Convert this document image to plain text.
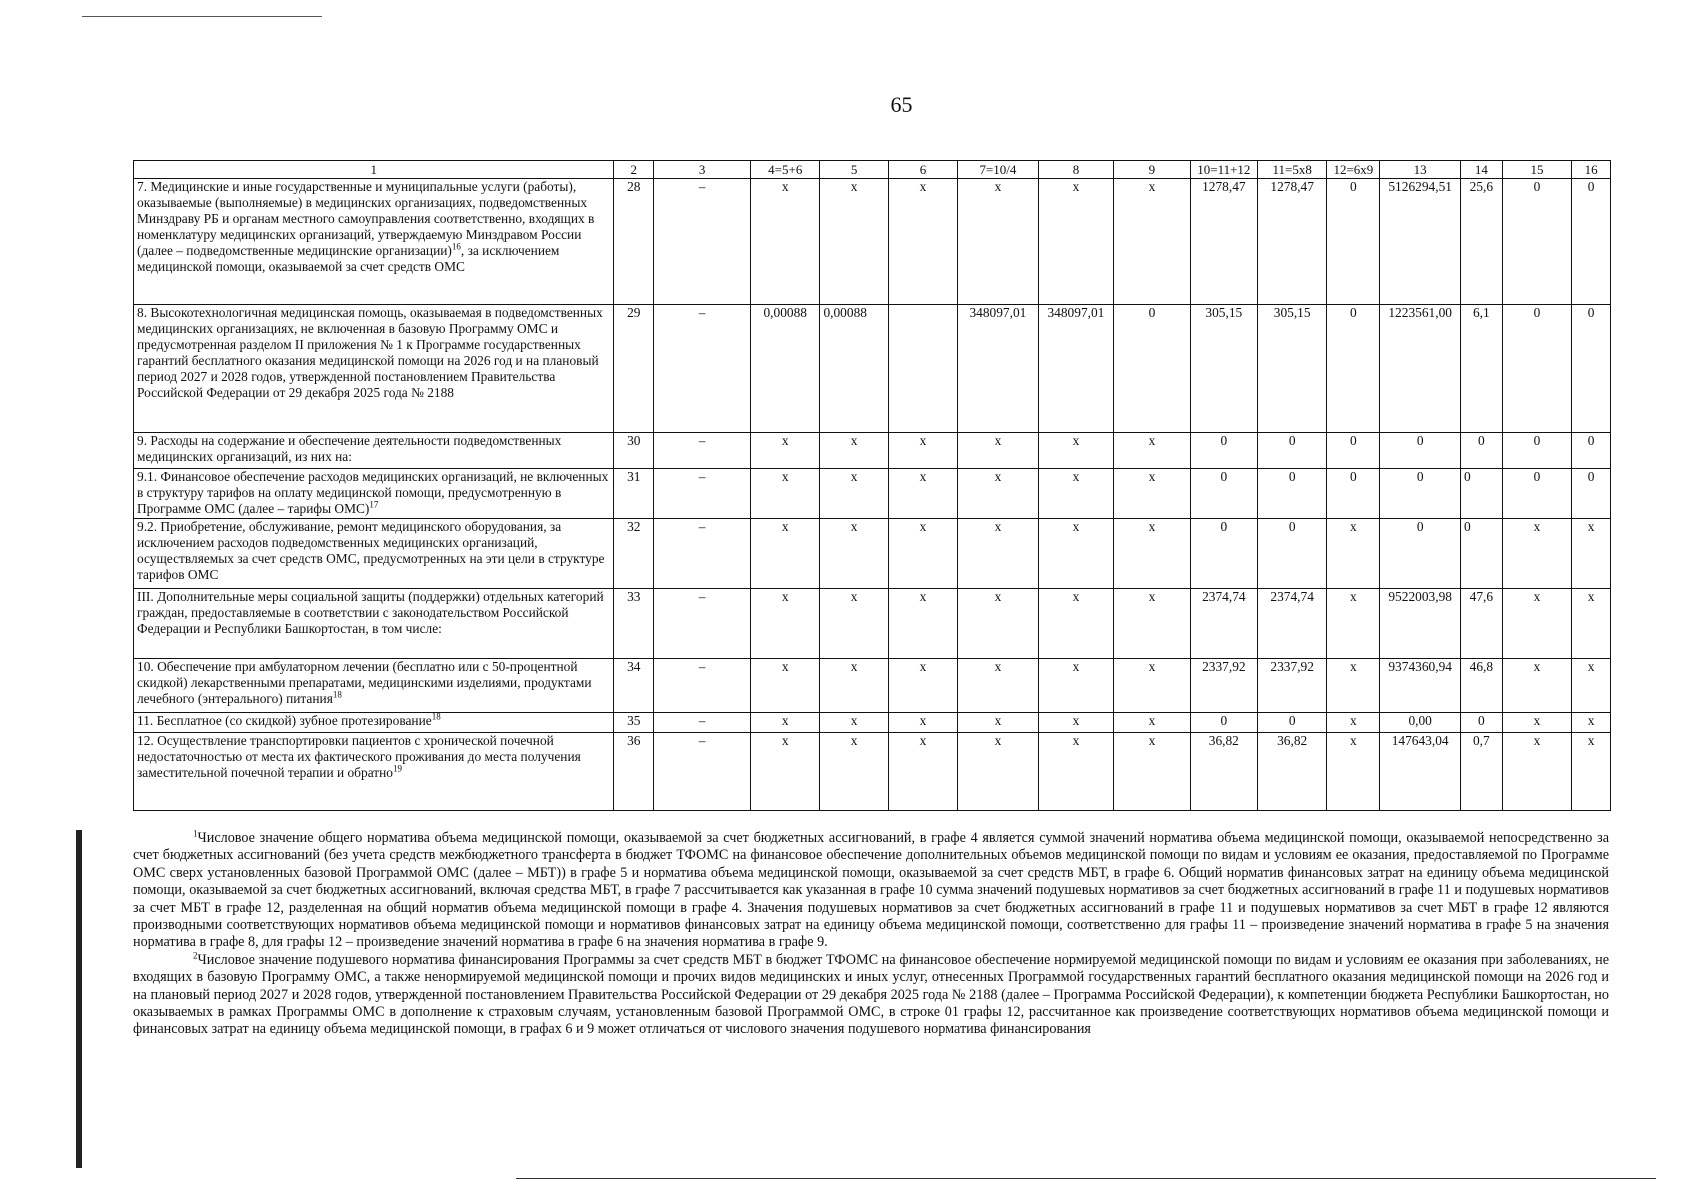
65
1	2	3	4=5+6	5	6	7=10/4	8	9	10=11+12	11=5x8	12=6x9	13	14	15	16
7. Медицинские и иные государственные и муниципальные услуги (работы), оказываемые (выполняемые) в медицинских организациях, подведомственных Минздраву РБ и органам местного самоуправления соответственно, входящих в номенклатуру медицинских организаций, утверждаемую Минздравом России (далее – подведомственные медицинские организации)$^{16}$, за исключением медицинской помощи, оказываемой за счет средств ОМС	28	–	x	x	x	x	x	x	1278,47	1278,47	0	5126294,51	25,6	0	0
8. Высокотехнологичная медицинская помощь, оказываемая в подведомственных медицинских организациях, не включенная в базовую Программу ОМС и предусмотренная разделом II приложения № 1 к Программе государственных гарантий бесплатного оказания медицинской помощи на 2026 год и на плановый период 2027 и 2028 годов, утвержденной постановлением Правительства Российской Федерации от 29 декабря 2025 года № 2188	29	–	0,00088	0,00088		348097,01	348097,01	0	305,15	305,15	0	1223561,00	6,1	0	0
9. Расходы на содержание и обеспечение деятельности подведомственных медицинских организаций, из них на:	30	–	x	x	x	x	x	x	0	0	0	0	0	0	0
9.1. Финансовое обеспечение расходов медицинских организаций, не включенных в структуру тарифов на оплату медицинской помощи, предусмотренную в Программе ОМС (далее – тарифы ОМС)$^{17}$	31	–	x	x	x	x	x	x	0	0	0	0	0	0	0
9.2. Приобретение, обслуживание, ремонт медицинского оборудования, за исключением расходов подведомственных медицинских организаций, осуществляемых за счет средств ОМС, предусмотренных на эти цели в структуре тарифов ОМС	32	–	x	x	x	x	x	x	0	0	x	0	0	x	x
III. Дополнительные меры социальной защиты (поддержки) отдельных категорий граждан, предоставляемые в соответствии с законодательством Российской Федерации и Республики Башкортостан, в том числе:	33	–	x	x	x	x	x	x	2374,74	2374,74	x	9522003,98	47,6	x	x
10. Обеспечение при амбулаторном лечении (бесплатно или с 50-процентной скидкой) лекарственными препаратами, медицинскими изделиями, продуктами лечебного (энтерального) питания$^{18}$	34	–	x	x	x	x	x	x	2337,92	2337,92	x	9374360,94	46,8	x	x
11. Бесплатное (со скидкой) зубное протезирование$^{18}$	35	–	x	x	x	x	x	x	0	0	x	0,00	0	x	x
12. Осуществление транспортировки пациентов с хронической почечной недостаточностью от места их фактического проживания до места получения заместительной почечной терапии и обратно$^{19}$	36	–	x	x	x	x	x	x	36,82	36,82	x	147643,04	0,7	x	x

$^1$Числовое значение общего норматива объема медицинской помощи, оказываемой за счет бюджетных ассигнований, в графе 4 является суммой значений норматива объема медицинской помощи, оказываемой непосредственно за счет бюджетных ассигнований (без учета средств межбюджетного трансферта в бюджет ТФОМС на финансовое обеспечение дополнительных объемов медицинской помощи по видам и условиям ее оказания, предоставляемой по Программе ОМС сверх установленных базовой Программой ОМС (далее – МБТ)) в графе 5 и норматива объема медицинской помощи, оказываемой за счет средств МБТ, в графе 6. Общий норматив финансовых затрат на единицу объема медицинской помощи, оказываемой за счет бюджетных ассигнований, включая средства МБТ, в графе 7 рассчитывается как указанная в графе 10 сумма значений подушевых нормативов за счет бюджетных ассигнований в графе 11 и подушевых нормативов за счет МБТ в графе 12, разделенная на общий норматив объема медицинской помощи в графе 4. Значения подушевых нормативов за счет бюджетных ассигнований в графе 11 и подушевых нормативов за счет МБТ в графе 12 являются производными соответствующих нормативов объема медицинской помощи и нормативов финансовых затрат на единицу объема медицинской помощи, соответственно для графы 11 – произведение значений норматива в графе 5 на значения норматива в графе 8, для графы 12 – произведение значений норматива в графе 6 на значения норматива в графе 9.

$^2$Числовое значение подушевого норматива финансирования Программы за счет средств МБТ в бюджет ТФОМС на финансовое обеспечение нормируемой медицинской помощи по видам и условиям ее оказания при заболеваниях, не входящих в базовую Программу ОМС, а также ненормируемой медицинской помощи и прочих видов медицинских и иных услуг, отнесенных Программой государственных гарантий бесплатного оказания медицинской помощи на 2026 год и на плановый период 2027 и 2028 годов, утвержденной постановлением Правительства Российской Федерации от 29 декабря 2025 года № 2188 (далее – Программа Российской Федерации), к компетенции бюджета Республики Башкортостан, но оказываемых в рамках Программы ОМС в дополнение к страховым случаям, установленным базовой Программой ОМС, в строке 01 графы 12, рассчитанное как произведение соответствующих нормативов объема медицинской помощи и финансовых затрат на единицу объема медицинской помощи, в графах 6 и 9 может отличаться от числового значения подушевого норматива финансирования
